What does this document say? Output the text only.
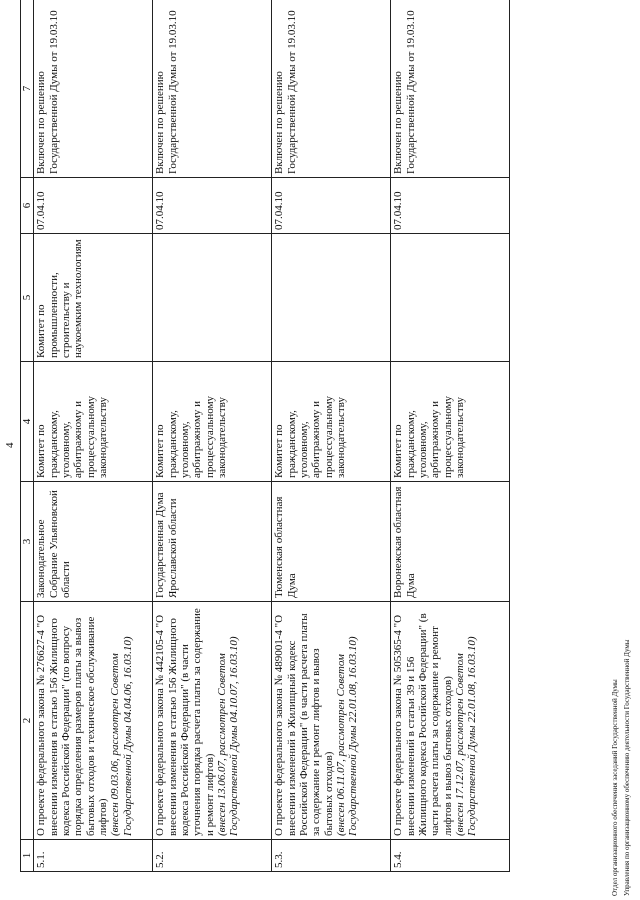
4
1	2	3	4	5	6	7
5.1.	О проекте федерального закона № 276627-4 "О внесении изменения в статью 156 Жилищного кодекса Российской Федерации" (по вопросу порядка определения размеров платы за вывоз бытовых отходов и техническое обслуживание лифтов) (внесен 09.03.06, рассмотрен Советом Государственной Думы 04.04.06, 16.03.10)	Законодательное Собрание Ульяновской области	Комитет по гражданскому, уголовному, арбитражному и процессуальному законодательству	Комитет по промышленности, строительству и наукоемким технологиям	07.04.10	Включен по решению Государственной Думы от 19.03.10
5.2.	О проекте федерального закона № 442105-4 "О внесении изменения в статью 156 Жилищного кодекса Российской Федерации" (в части уточнения порядка расчета платы за содержание и ремонт лифтов) (внесен 13.06.07, рассмотрен Советом Государственной Думы 04.10.07, 16.03.10)	Государственная Дума Ярославской области	Комитет по гражданскому, уголовному, арбитражному и процессуальному законодательству		07.04.10	Включен по решению Государственной Думы от 19.03.10
5.3.	О проекте федерального закона № 489001-4 "О внесении изменений в Жилищный кодекс Российской Федерации" (в части расчета платы за содержание и ремонт лифтов и вывоз бытовых отходов) (внесен 06.11.07, рассмотрен Советом Государственной Думы 22.01.08, 16.03.10)	Тюменская областная Дума	Комитет по гражданскому, уголовному, арбитражному и процессуальному законодательству		07.04.10	Включен по решению Государственной Думы от 19.03.10
5.4.	О проекте федерального закона № 505365-4 "О внесении изменений в статьи 39 и 156 Жилищного кодекса Российской Федерации" (в части расчета платы за содержание и ремонт лифтов и вывоз бытовых отходов) (внесен 17.12.07, рассмотрен Советом Государственной Думы 22.01.08, 16.03.10)	Воронежская областная Дума	Комитет по гражданскому, уголовному, арбитражному и процессуальному законодательству		07.04.10	Включен по решению Государственной Думы от 19.03.10
Отдел организационного обеспечения заседаний Государственной Думы Управления по организационному обеспечению деятельности Государственной Думы
